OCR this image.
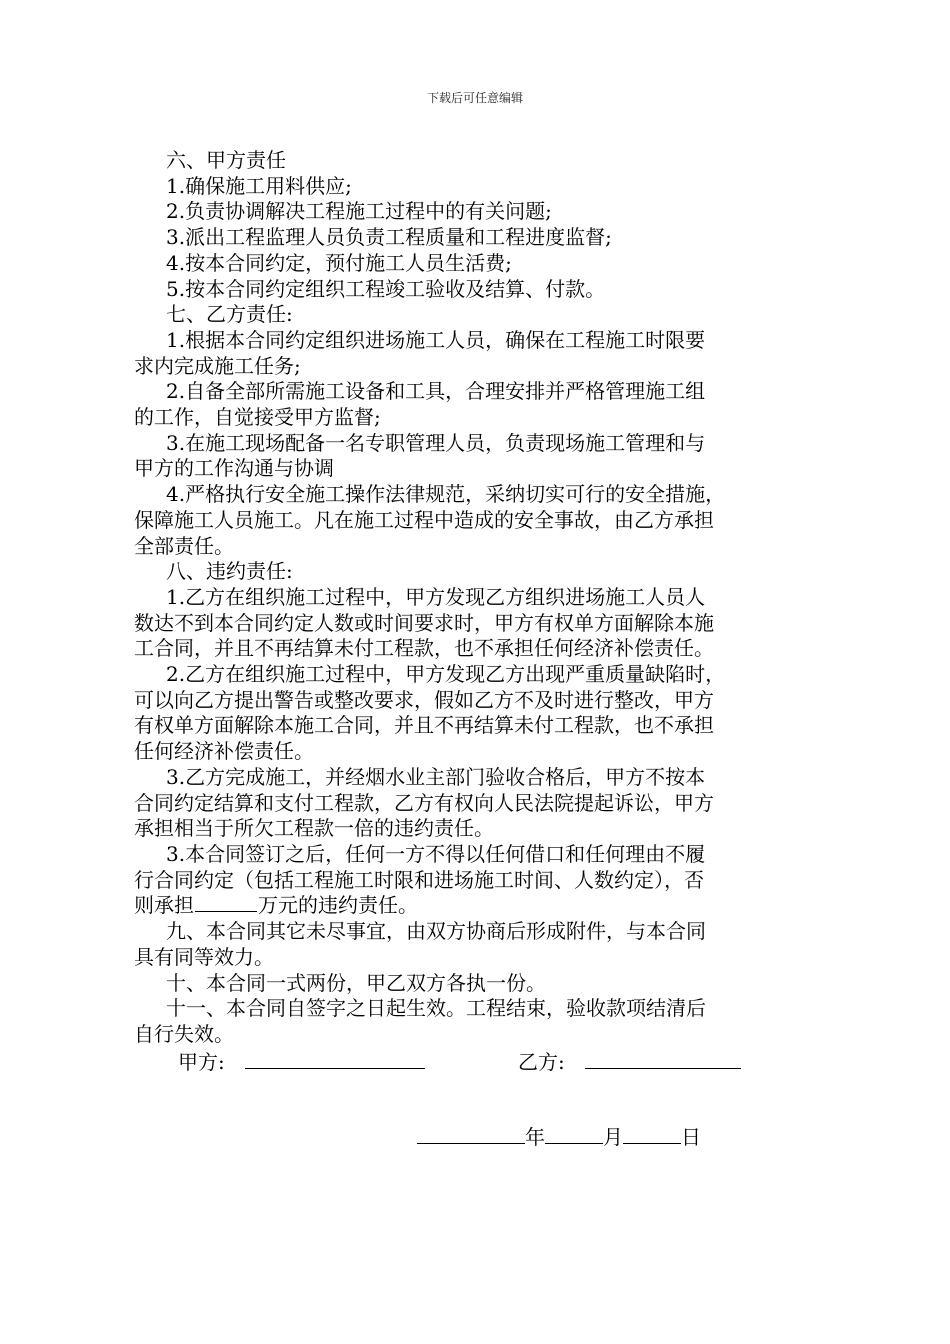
下载后可任意编辑
六、甲方责任
1.确保施工用料供应;
2.负责协调解决工程施工过程中的有关问题;
3.派出工程监理人员负责工程质量和工程进度监督;
4.按本合同约定，预付施工人员生活费;
5.按本合同约定组织工程竣工验收及结算、付款。
七、乙方责任:
1.根据本合同约定组织进场施工人员，确保在工程施工时限要
求内完成施工任务;
2.自备全部所需施工设备和工具，合理安排并严格管理施工组
的工作，自觉接受甲方监督;
3.在施工现场配备一名专职管理人员，负责现场施工管理和与
甲方的工作沟通与协调
4.严格执行安全施工操作法律规范，采纳切实可行的安全措施，
保障施工人员施工。凡在施工过程中造成的安全事故，由乙方承担
全部责任。
八、违约责任:
1.乙方在组织施工过程中，甲方发现乙方组织进场施工人员人
数达不到本合同约定人数或时间要求时，甲方有权单方面解除本施
工合同，并且不再结算未付工程款，也不承担任何经济补偿责任。
2.乙方在组织施工过程中，甲方发现乙方出现严重质量缺陷时，
可以向乙方提出警告或整改要求，假如乙方不及时进行整改，甲方
有权单方面解除本施工合同，并且不再结算未付工程款，也不承担
任何经济补偿责任。
3.乙方完成施工，并经烟水业主部门验收合格后，甲方不按本
合同约定结算和支付工程款，乙方有权向人民法院提起诉讼，甲方
承担相当于所欠工程款一倍的违约责任。
3.本合同签订之后，任何一方不得以任何借口和任何理由不履
行合同约定（包括工程施工时限和进场施工时间、人数约定），否
则承担	万元的违约责任。
九、本合同其它未尽事宜，由双方协商后形成附件，与本合同
具有同等效力。
十、本合同一式两份，甲乙双方各执一份。
十一、本合同自签字之日起生效。工程结束，验收款项结清后
自行失效。
甲方:	乙方:
年	月	日
